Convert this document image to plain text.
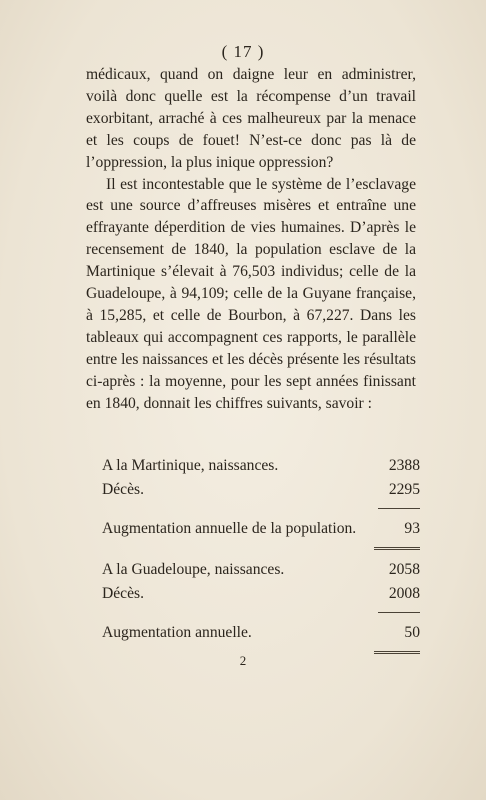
( 17 )

médicaux, quand on daigne leur en administrer, voilà donc quelle est la récompense d’un travail exorbitant, arraché à ces malheureux par la menace et les coups de fouet! N’est-ce donc pas là de l’oppression, la plus inique oppression?

Il est incontestable que le système de l’esclavage est une source d’affreuses misères et entraîne une effrayante déperdition de vies humaines. D’après le recensement de 1840, la population esclave de la Martinique s’élevait à 76,503 individus; celle de la Guadeloupe, à 94,109; celle de la Guyane française, à 15,285, et celle de Bourbon, à 67,227. Dans les tableaux qui accompagnent ces rapports, le parallèle entre les naissances et les décès présente les résultats ci-après : la moyenne, pour les sept années finissant en 1840, donnait les chiffres suivants, savoir :

A la Martinique, naissances.	2388
Décès.	2295
Augmentation annuelle de la population.	93
A la Guadeloupe, naissances.	2058
Décès.	2008
Augmentation annuelle.	50
2
